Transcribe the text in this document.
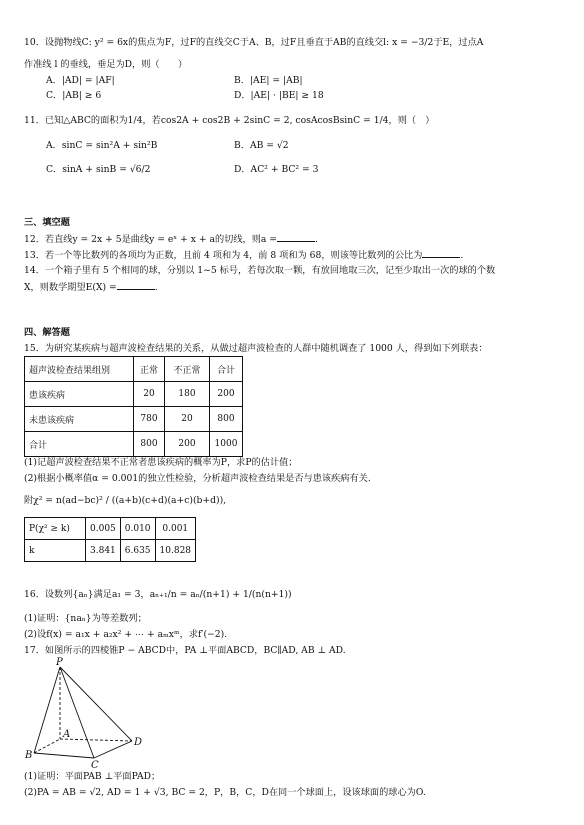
10．设抛物线C: y² = 6x的焦点为F，过F的直线交C于A、B，过F且垂直于AB的直线交l: x = −3/2于E，过点A
作准线 l 的垂线，垂足为D，则（　　）
A．|AD| = |AF|	B．|AE| = |AB|
C．|AB| ≥ 6	D．|AE| · |BE| ≥ 18
11．已知△ABC的面积为1/4，若cos2A + cos2B + 2sinC = 2, cosAcosBsinC = 1/4，则（　）
A．sinC = sin²A + sin²B	B．AB = √2
C．sinA + sinB = √6/2	D．AC² + BC² = 3
三、填空题
12．若直线y = 2x + 5是曲线y = eˣ + x + a的切线，则a =	.
13．若一个等比数列的各项均为正数，且前 4 项和为 4，前 8 项和为 68，则该等比数列的公比为	.
14．一个箱子里有 5 个相同的球，分别以 1~5 标号，若每次取一颗，有放回地取三次，记至少取出一次的球的个数
X，则数学期望E(X) =	.
四、解答题
15．为研究某疾病与超声波检查结果的关系，从做过超声波检查的人群中随机调查了 1000 人，得到如下列联表：
超声波检查结果组别	正常	不正常	合计
患该疾病	20	180	200
未患该疾病	780	20	800
合计	800	200	1000
(1)记超声波检查结果不正常者患该疾病的概率为P，求P的估计值；
(2)根据小概率值α = 0.001的独立性检验，分析超声波检查结果是否与患该疾病有关.
附χ² = n(ad−bc)² / ((a+b)(c+d)(a+c)(b+d)),
P(χ² ≥ k)	0.005	0.010	0.001
k	3.841	6.635	10.828
16．设数列{aₙ}满足a₁ = 3，aₙ₊₁/n = aₙ/(n+1) + 1/(n(n+1))
(1)证明：{naₙ}为等差数列；
(2)设f(x) = a₁x + a₂x² + ⋯ + aₘxᵐ，求f′(−2).
17．如图所示的四棱锥P − ABCD中，PA ⊥平面ABCD，BC∥AD, AB ⊥ AD.
P
A
B
C
D
(1)证明：平面PAB ⊥平面PAD；
(2)PA = AB = √2, AD = 1 + √3, BC = 2，P，B，C，D在同一个球面上，设该球面的球心为O.
